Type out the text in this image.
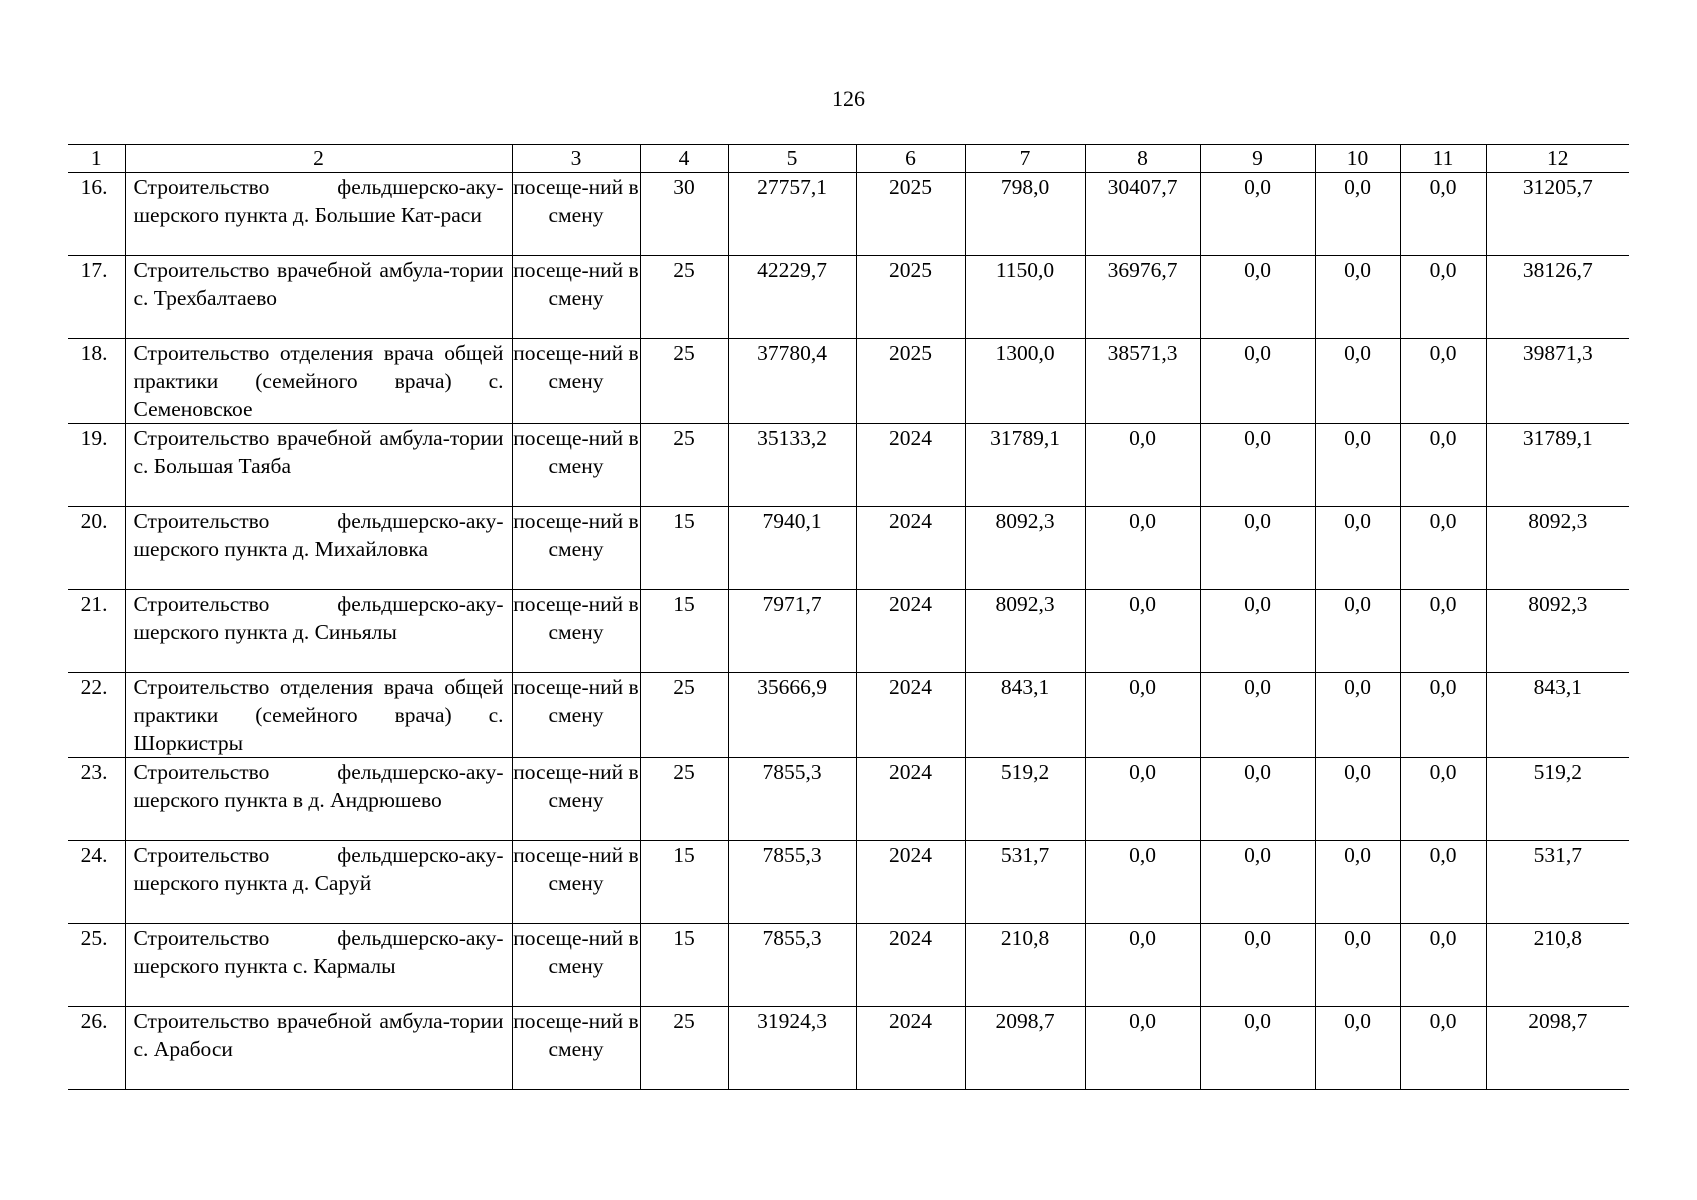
126
1	2	3	4	5	6	7	8	9	10	11	12
16.	Строительство фельдшерско-аку-шерского пункта д. Большие Кат-раси	посеще-ний в смену	30	27757,1	2025	798,0	30407,7	0,0	0,0	0,0	31205,7
17.	Строительство врачебной амбула-тории с. Трехбалтаево	посеще-ний в смену	25	42229,7	2025	1150,0	36976,7	0,0	0,0	0,0	38126,7
18.	Строительство отделения врача общей практики (семейного врача) с. Семеновское	посеще-ний в смену	25	37780,4	2025	1300,0	38571,3	0,0	0,0	0,0	39871,3
19.	Строительство врачебной амбула-тории с. Большая Таяба	посеще-ний в смену	25	35133,2	2024	31789,1	0,0	0,0	0,0	0,0	31789,1
20.	Строительство фельдшерско-аку-шерского пункта д. Михайловка	посеще-ний в смену	15	7940,1	2024	8092,3	0,0	0,0	0,0	0,0	8092,3
21.	Строительство фельдшерско-аку-шерского пункта д. Синьялы	посеще-ний в смену	15	7971,7	2024	8092,3	0,0	0,0	0,0	0,0	8092,3
22.	Строительство отделения врача общей практики (семейного врача) с. Шоркистры	посеще-ний в смену	25	35666,9	2024	843,1	0,0	0,0	0,0	0,0	843,1
23.	Строительство фельдшерско-аку-шерского пункта в д. Андрюшево	посеще-ний в смену	25	7855,3	2024	519,2	0,0	0,0	0,0	0,0	519,2
24.	Строительство фельдшерско-аку-шерского пункта д. Саруй	посеще-ний в смену	15	7855,3	2024	531,7	0,0	0,0	0,0	0,0	531,7
25.	Строительство фельдшерско-аку-шерского пункта с. Кармалы	посеще-ний в смену	15	7855,3	2024	210,8	0,0	0,0	0,0	0,0	210,8
26.	Строительство врачебной амбула-тории с. Арабоси	посеще-ний в смену	25	31924,3	2024	2098,7	0,0	0,0	0,0	0,0	2098,7
